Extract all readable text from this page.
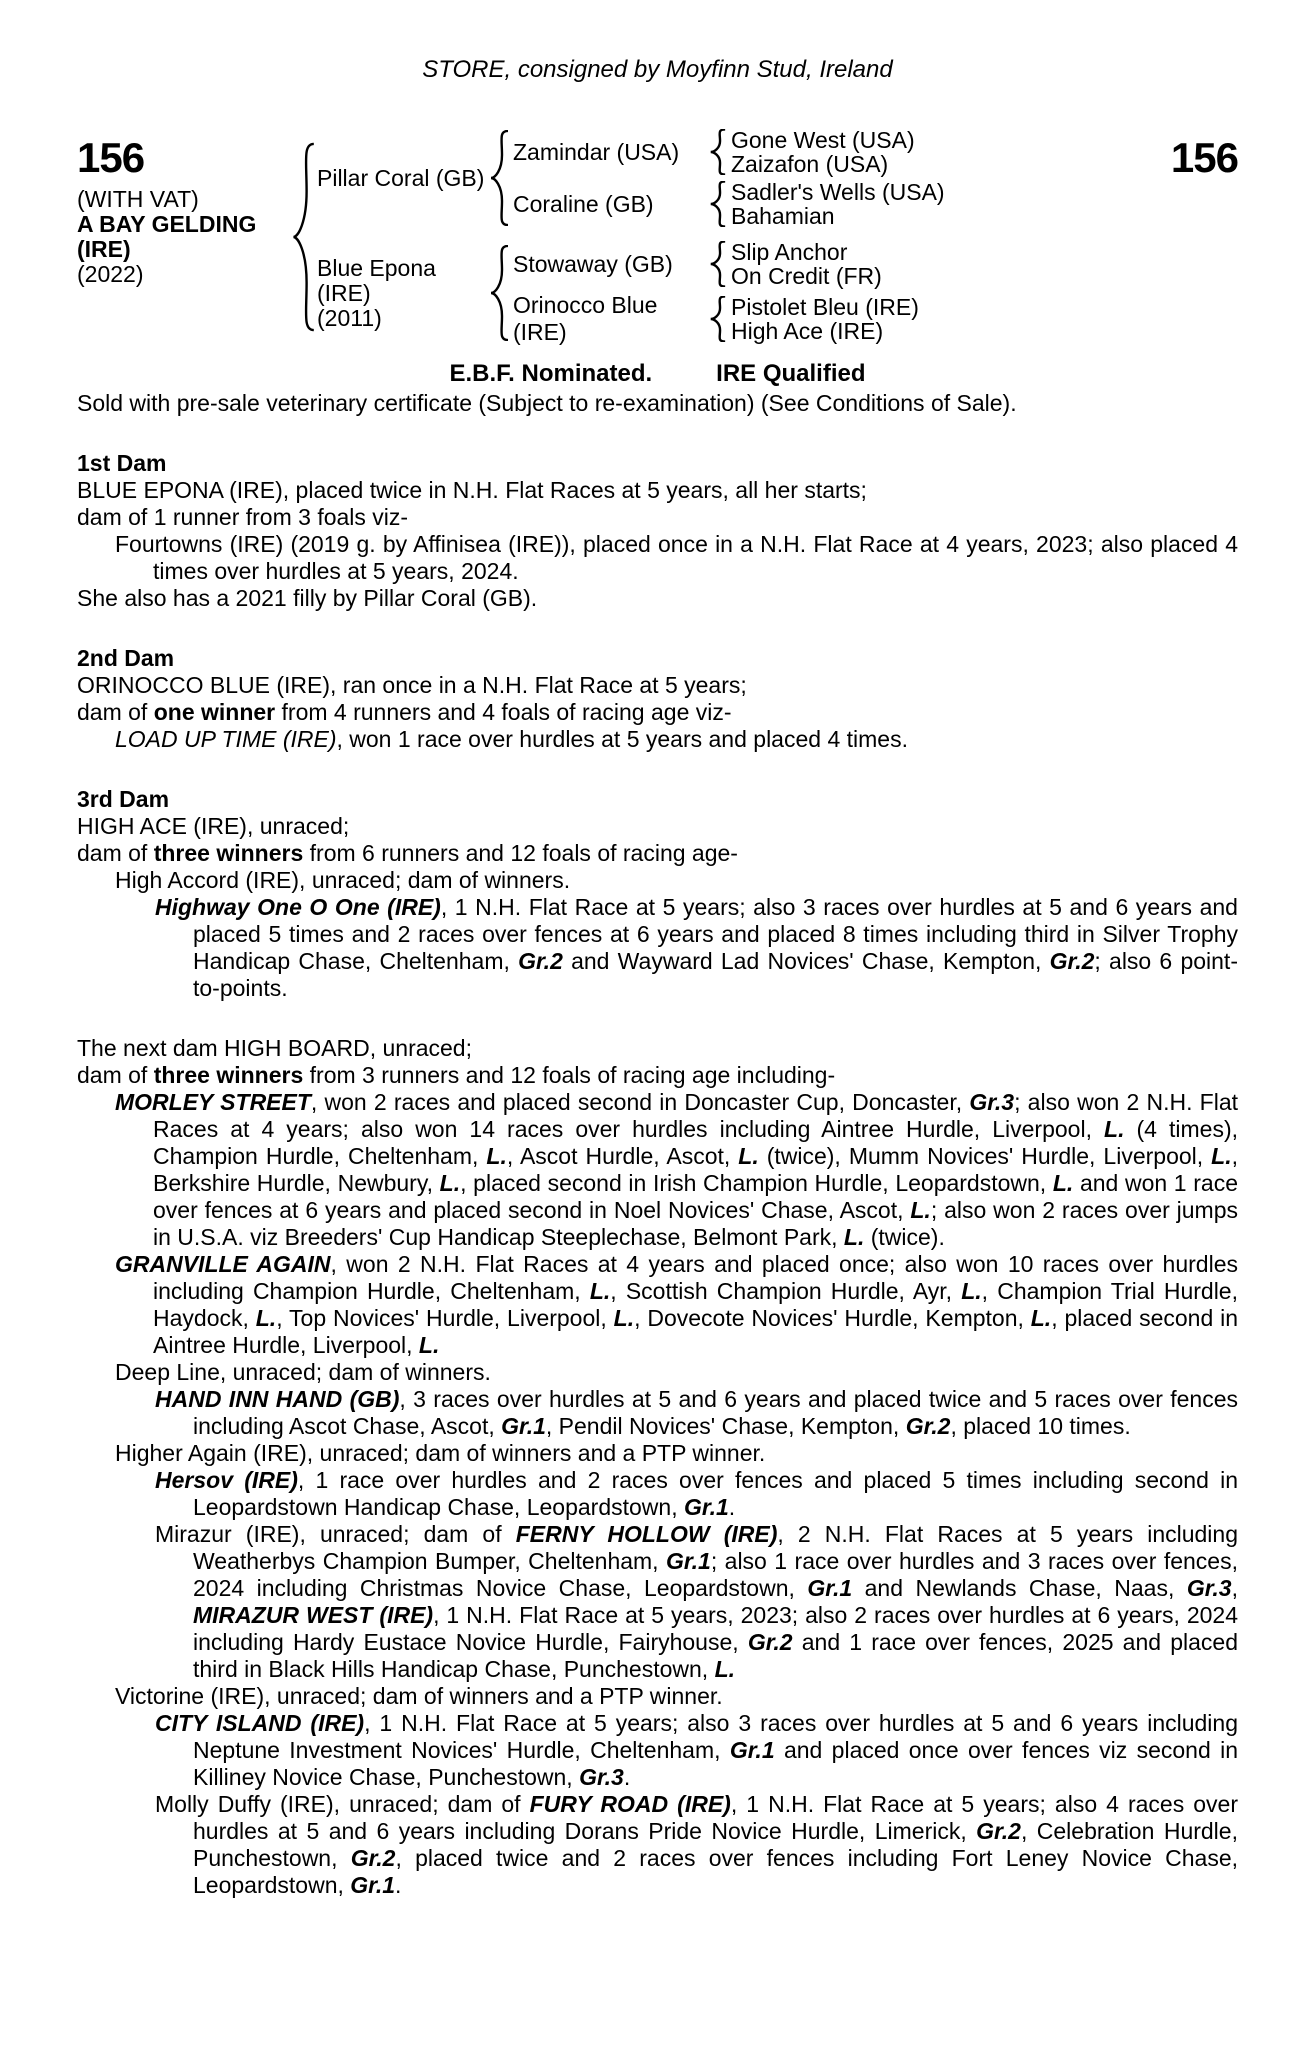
156	156
STORE, consigned by Moyfinn Stud, Ireland
(WITH VAT)
A BAY GELDING
(IRE)
(2022)
Pillar Coral (GB)
Zamindar (USA)	Gone West (USA)
Zaizafon (USA)
Coraline (GB)	Sadler's Wells (USA)
Bahamian
Blue Epona (IRE)
(2011)
Stowaway (GB)	Slip Anchor
On Credit (FR)
Orinocco Blue (IRE)
Pistolet Bleu (IRE)
High Ace (IRE)
E.B.F. Nominated.	IRE Qualified
Sold with pre-sale veterinary certificate (Subject to re-examination) (See Conditions of Sale).
1st Dam
BLUE EPONA (IRE), placed twice in N.H. Flat Races at 5 years, all her starts;
dam of 1 runner from 3 foals viz-
Fourtowns (IRE) (2019 g. by Affinisea (IRE)), placed once in a N.H. Flat Race at 4 years, 2023; also placed 4 times over hurdles at 5 years, 2024.
She also has a 2021 filly by Pillar Coral (GB).
2nd Dam
ORINOCCO BLUE (IRE), ran once in a N.H. Flat Race at 5 years;
dam of one winner from 4 runners and 4 foals of racing age viz-
LOAD UP TIME (IRE), won 1 race over hurdles at 5 years and placed 4 times.
3rd Dam
HIGH ACE (IRE), unraced;
dam of three winners from 6 runners and 12 foals of racing age-
High Accord (IRE), unraced; dam of winners.
Highway One O One (IRE), 1 N.H. Flat Race at 5 years; also 3 races over hurdles at 5 and 6 years and placed 5 times and 2 races over fences at 6 years and placed 8 times including third in Silver Trophy Handicap Chase, Cheltenham, Gr.2 and Wayward Lad Novices' Chase, Kempton, Gr.2; also 6 point-to-points.
The next dam HIGH BOARD, unraced;
dam of three winners from 3 runners and 12 foals of racing age including-
MORLEY STREET, won 2 races and placed second in Doncaster Cup, Doncaster, Gr.3; also won 2 N.H. Flat Races at 4 years; also won 14 races over hurdles including Aintree Hurdle, Liverpool, L. (4 times), Champion Hurdle, Cheltenham, L., Ascot Hurdle, Ascot, L. (twice), Mumm Novices' Hurdle, Liverpool, L., Berkshire Hurdle, Newbury, L., placed second in Irish Champion Hurdle, Leopardstown, L. and won 1 race over fences at 6 years and placed second in Noel Novices' Chase, Ascot, L.; also won 2 races over jumps in U.S.A. viz Breeders' Cup Handicap Steeplechase, Belmont Park, L. (twice).
GRANVILLE AGAIN, won 2 N.H. Flat Races at 4 years and placed once; also won 10 races over hurdles including Champion Hurdle, Cheltenham, L., Scottish Champion Hurdle, Ayr, L., Champion Trial Hurdle, Haydock, L., Top Novices' Hurdle, Liverpool, L., Dovecote Novices' Hurdle, Kempton, L., placed second in Aintree Hurdle, Liverpool, L.
Deep Line, unraced; dam of winners.
HAND INN HAND (GB), 3 races over hurdles at 5 and 6 years and placed twice and 5 races over fences including Ascot Chase, Ascot, Gr.1, Pendil Novices' Chase, Kempton, Gr.2, placed 10 times.
Higher Again (IRE), unraced; dam of winners and a PTP winner.
Hersov (IRE), 1 race over hurdles and 2 races over fences and placed 5 times including second in Leopardstown Handicap Chase, Leopardstown, Gr.1.
Mirazur (IRE), unraced; dam of FERNY HOLLOW (IRE), 2 N.H. Flat Races at 5 years including Weatherbys Champion Bumper, Cheltenham, Gr.1; also 1 race over hurdles and 3 races over fences, 2024 including Christmas Novice Chase, Leopardstown, Gr.1 and Newlands Chase, Naas, Gr.3, MIRAZUR WEST (IRE), 1 N.H. Flat Race at 5 years, 2023; also 2 races over hurdles at 6 years, 2024 including Hardy Eustace Novice Hurdle, Fairyhouse, Gr.2 and 1 race over fences, 2025 and placed third in Black Hills Handicap Chase, Punchestown, L.
Victorine (IRE), unraced; dam of winners and a PTP winner.
CITY ISLAND (IRE), 1 N.H. Flat Race at 5 years; also 3 races over hurdles at 5 and 6 years including Neptune Investment Novices' Hurdle, Cheltenham, Gr.1 and placed once over fences viz second in Killiney Novice Chase, Punchestown, Gr.3.
Molly Duffy (IRE), unraced; dam of FURY ROAD (IRE), 1 N.H. Flat Race at 5 years; also 4 races over hurdles at 5 and 6 years including Dorans Pride Novice Hurdle, Limerick, Gr.2, Celebration Hurdle, Punchestown, Gr.2, placed twice and 2 races over fences including Fort Leney Novice Chase, Leopardstown, Gr.1.
